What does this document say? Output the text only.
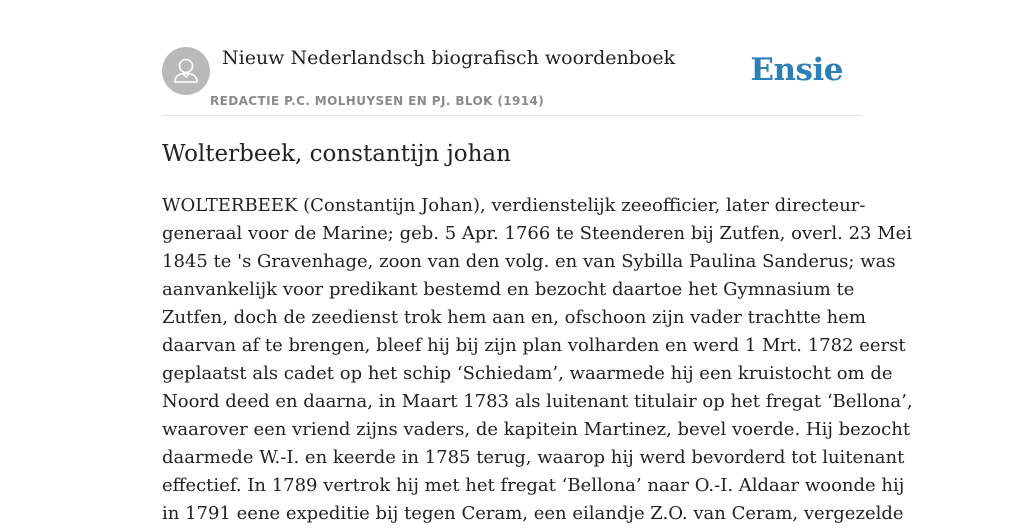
Nieuw Nederlandsch biografisch woordenboek
REDACTIE P.C. MOLHUYSEN EN PJ. BLOK (1914)
Ensie
Wolterbeek, constantijn johan
WOLTERBEEK (Constantijn Johan), verdienstelijk zeeofficier, later directeur-
generaal voor de Marine; geb. 5 Apr. 1766 te Steenderen bij Zutfen, overl. 23 Mei
1845 te 's Gravenhage, zoon van den volg. en van Sybilla Paulina Sanderus; was
aanvankelijk voor predikant bestemd en bezocht daartoe het Gymnasium te
Zutfen, doch de zeedienst trok hem aan en, ofschoon zijn vader trachtte hem
daarvan af te brengen, bleef hij bij zijn plan volharden en werd 1 Mrt. 1782 eerst
geplaatst als cadet op het schip ‘Schiedam’, waarmede hij een kruistocht om de
Noord deed en daarna, in Maart 1783 als luitenant titulair op het fregat ‘Bellona’,
waarover een vriend zijns vaders, de kapitein Martinez, bevel voerde. Hij bezocht
daarmede W.-I. en keerde in 1785 terug, waarop hij werd bevorderd tot luitenant
effectief. In 1789 vertrok hij met het fregat ‘Bellona’ naar O.-I. Aldaar woonde hij
in 1791 eene expeditie bij tegen Ceram, een eilandje Z.O. van Ceram, vergezelde
